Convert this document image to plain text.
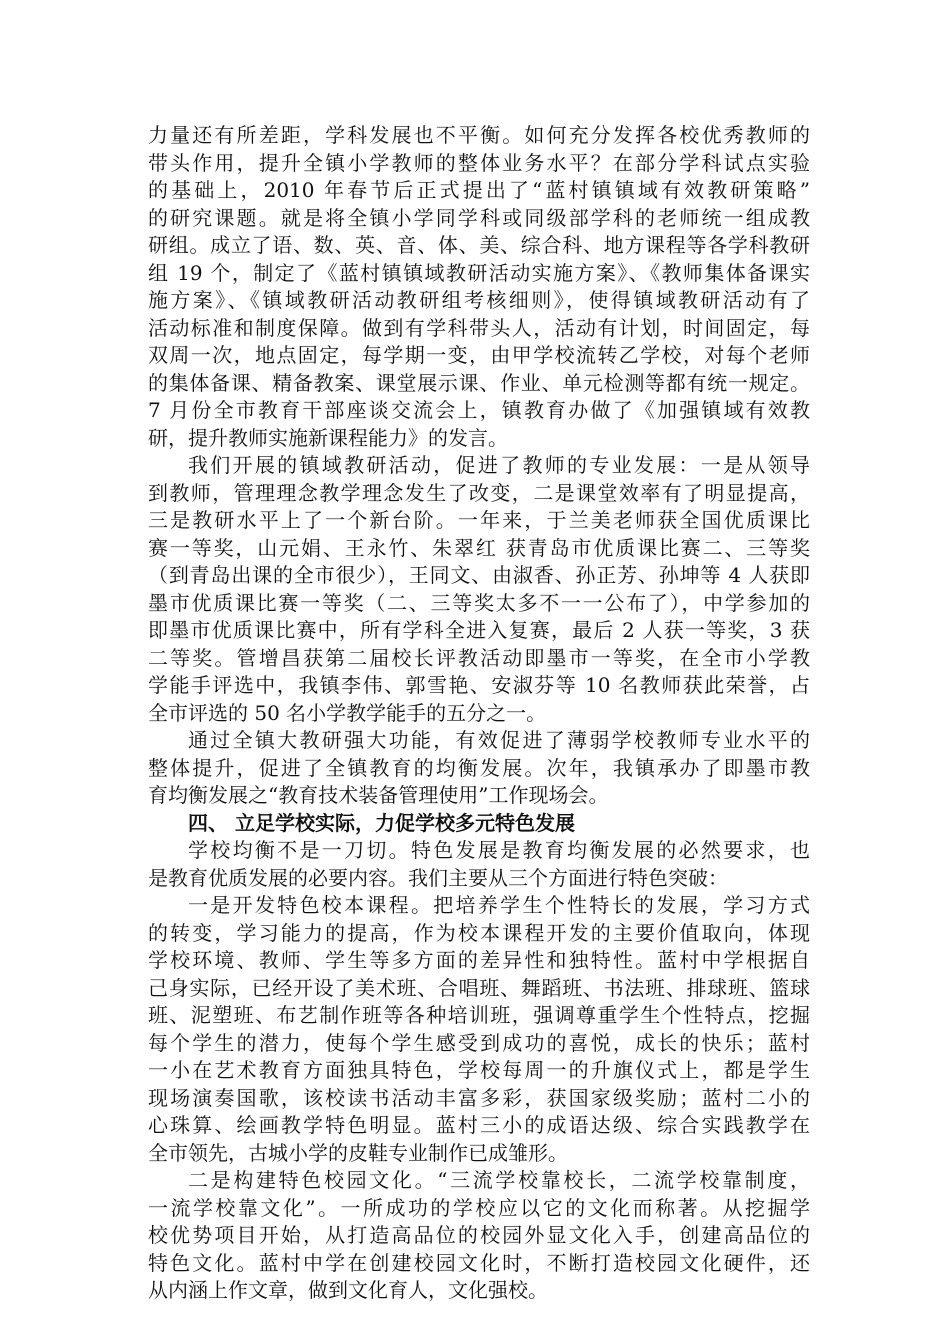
力量还有所差距，学科发展也不平衡。如何充分发挥各校优秀教师的
带头作用，提升全镇小学教师的整体业务水平？在部分学科试点实验
的基础上，2010 年春节后正式提出了“蓝村镇镇域有效教研策略”
的研究课题。就是将全镇小学同学科或同级部学科的老师统一组成教
研组。成立了语、数、英、音、体、美、综合科、地方课程等各学科教研
组 19 个，制定了《蓝村镇镇域教研活动实施方案》、《教师集体备课实
施方案》、《镇域教研活动教研组考核细则》，使得镇域教研活动有了
活动标准和制度保障。做到有学科带头人，活动有计划，时间固定，每
双周一次，地点固定，每学期一变，由甲学校流转乙学校，对每个老师
的集体备课、精备教案、课堂展示课、作业、单元检测等都有统一规定。
7 月份全市教育干部座谈交流会上，镇教育办做了《加强镇域有效教
研，提升教师实施新课程能力》的发言。
我们开展的镇域教研活动，促进了教师的专业发展：一是从领导
到教师，管理理念教学理念发生了改变，二是课堂效率有了明显提高，
三是教研水平上了一个新台阶。一年来，于兰美老师获全国优质课比
赛一等奖，山元娟、王永竹、朱翠红 获青岛市优质课比赛二、三等奖
（到青岛出课的全市很少），王同文、由淑香、孙正芳、孙坤等 4 人获即
墨市优质课比赛一等奖（二、三等奖太多不一一公布了），中学参加的
即墨市优质课比赛中，所有学科全进入复赛，最后 2 人获一等奖，3 获
二等奖。管增昌获第二届校长评教活动即墨市一等奖，在全市小学教
学能手评选中，我镇李伟、郭雪艳、安淑芬等 10 名教师获此荣誉，占
全市评选的 50 名小学教学能手的五分之一。
通过全镇大教研强大功能，有效促进了薄弱学校教师专业水平的
整体提升，促进了全镇教育的均衡发展。次年，我镇承办了即墨市教
育均衡发展之“教育技术装备管理使用”工作现场会。
四、 立足学校实际，力促学校多元特色发展
学校均衡不是一刀切。特色发展是教育均衡发展的必然要求，也
是教育优质发展的必要内容。我们主要从三个方面进行特色突破：
一是开发特色校本课程。把培养学生个性特长的发展，学习方式
的转变，学习能力的提高，作为校本课程开发的主要价值取向，体现
学校环境、教师、学生等多方面的差异性和独特性。蓝村中学根据自
己身实际，已经开设了美术班、合唱班、舞蹈班、书法班、排球班、篮球
班、泥塑班、布艺制作班等各种培训班，强调尊重学生个性特点，挖掘
每个学生的潜力，使每个学生感受到成功的喜悦，成长的快乐；蓝村
一小在艺术教育方面独具特色，学校每周一的升旗仪式上，都是学生
现场演奏国歌，该校读书活动丰富多彩，获国家级奖励；蓝村二小的
心珠算、绘画教学特色明显。蓝村三小的成语达级、综合实践教学在
全市领先，古城小学的皮鞋专业制作已成雏形。
二是构建特色校园文化。“三流学校靠校长，二流学校靠制度，
一流学校靠文化”。一所成功的学校应以它的文化而称著。从挖掘学
校优势项目开始，从打造高品位的校园外显文化入手，创建高品位的
特色文化。蓝村中学在创建校园文化时，不断打造校园文化硬件，还
从内涵上作文章，做到文化育人，文化强校。
